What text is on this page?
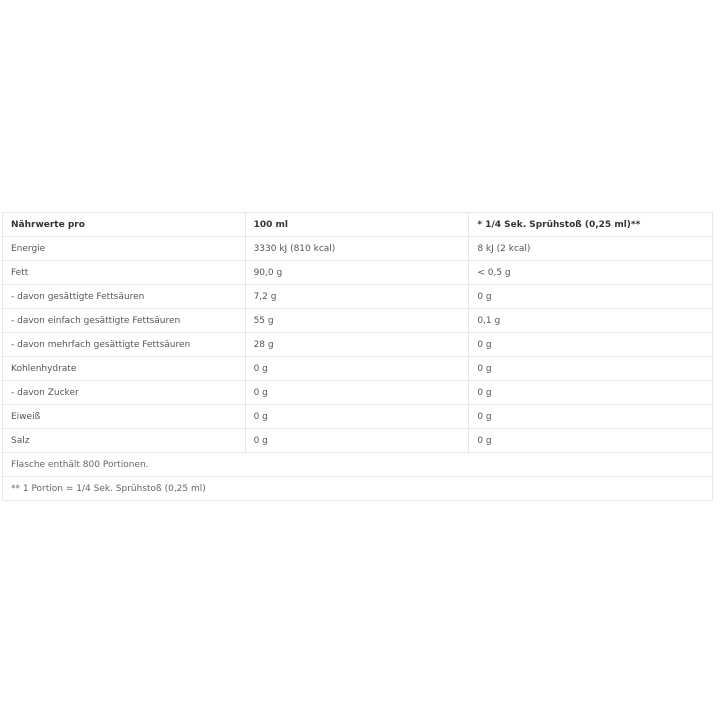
Nährwerte pro	100 ml	* 1/4 Sek. Sprühstoß (0,25 ml)**
Energie	3330 kJ (810 kcal)	8 kJ (2 kcal)
Fett	90,0 g	< 0,5 g
- davon gesättigte Fettsäuren	7,2 g	0 g
- davon einfach gesättigte Fettsäuren	55 g	0,1 g
- davon mehrfach gesättigte Fettsäuren	28 g	0 g
Kohlenhydrate	0 g	0 g
- davon Zucker	0 g	0 g
Eiweiß	0 g	0 g
Salz	0 g	0 g
Flasche enthält 800 Portionen.		
** 1 Portion = 1/4 Sek. Sprühstoß (0,25 ml)		
